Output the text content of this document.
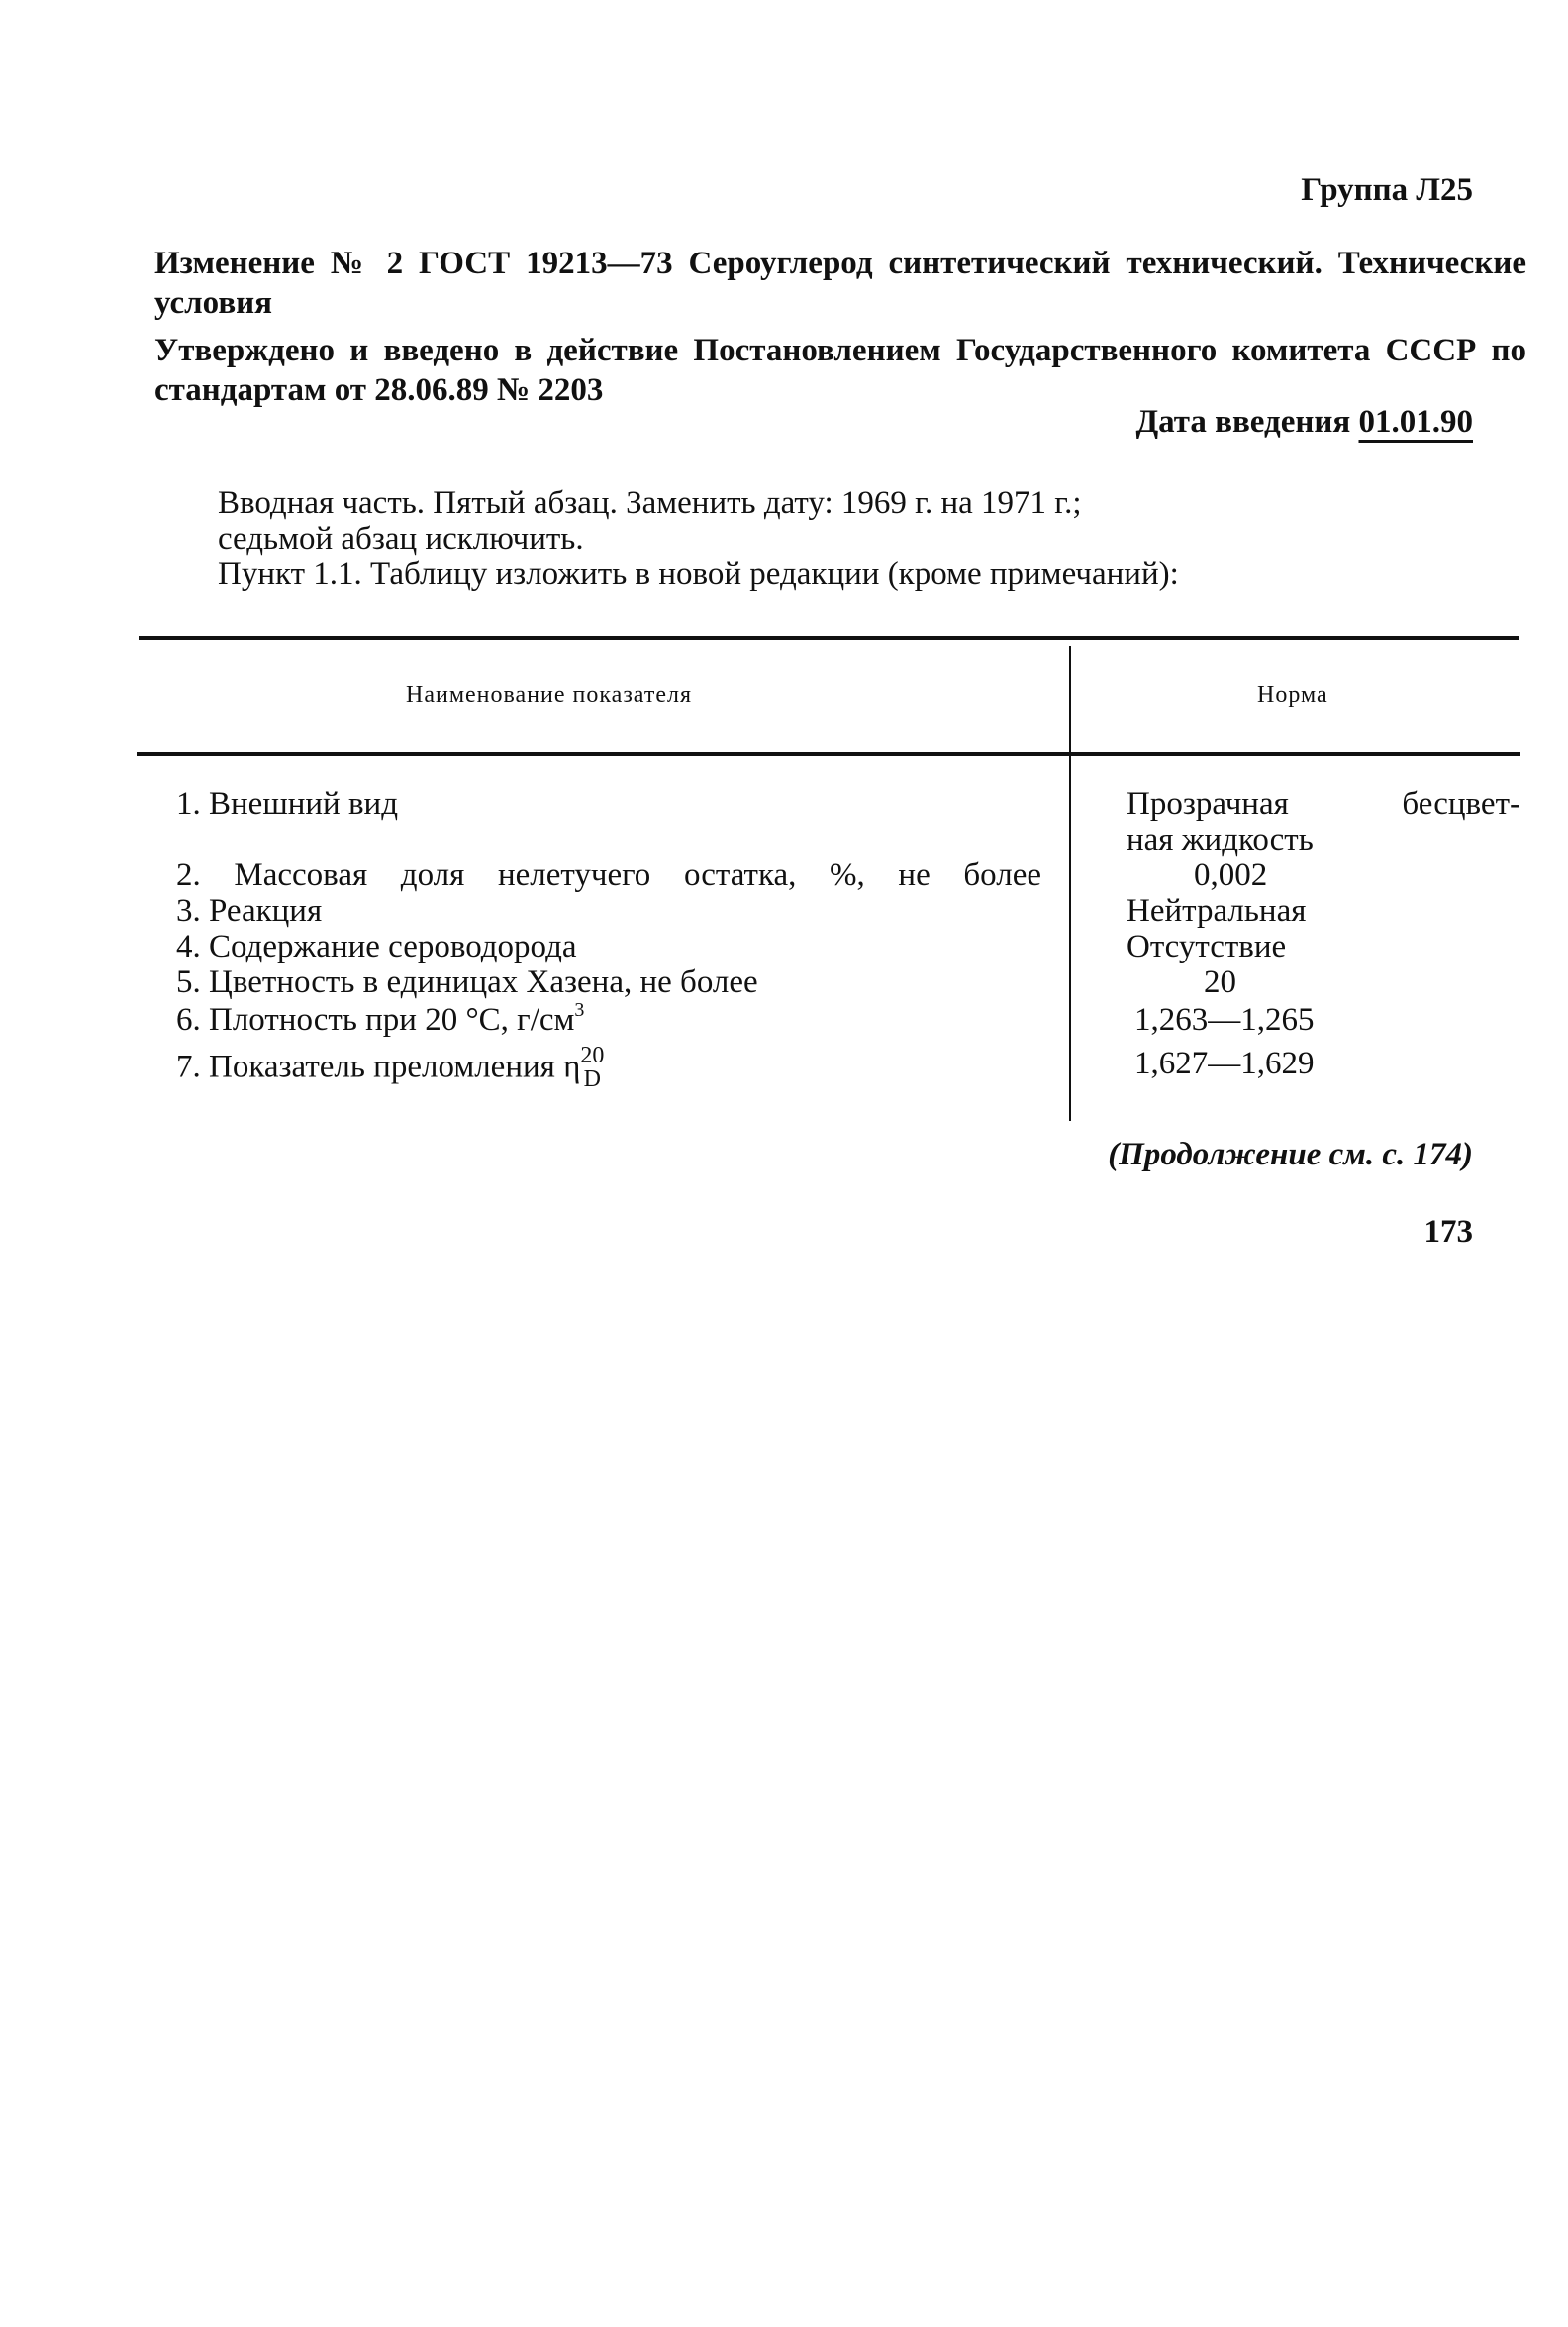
Группа Л25
Изменение № 2 ГОСТ 19213—73 Сероуглерод синтетический технический. Технические условия
Утверждено и введено в действие Постановлением Государственного комитета СССР по стандартам от 28.06.89 № 2203
Дата введения 01.01.90
Вводная часть. Пятый абзац. Заменить дату: 1969 г. на 1971 г.;
седьмой абзац исключить.
Пункт 1.1. Таблицу изложить в новой редакции (кроме примечаний):
Наименование показателя	Норма
1. Внешний вид	Прозрачная бесцвет-
ная жидкость
2. Массовая доля нелетучего остатка, %, не более	0,002
3. Реакция	Нейтральная
4. Содержание сероводорода	Отсутствие
5. Цветность в единицах Хазена, не более	20
6. Плотность при 20 °С, $г/см^3$	1,263—1,265
7. Показатель преломления η 20
D	1,627—1,629
(Продолжение см. с. 174)
173
